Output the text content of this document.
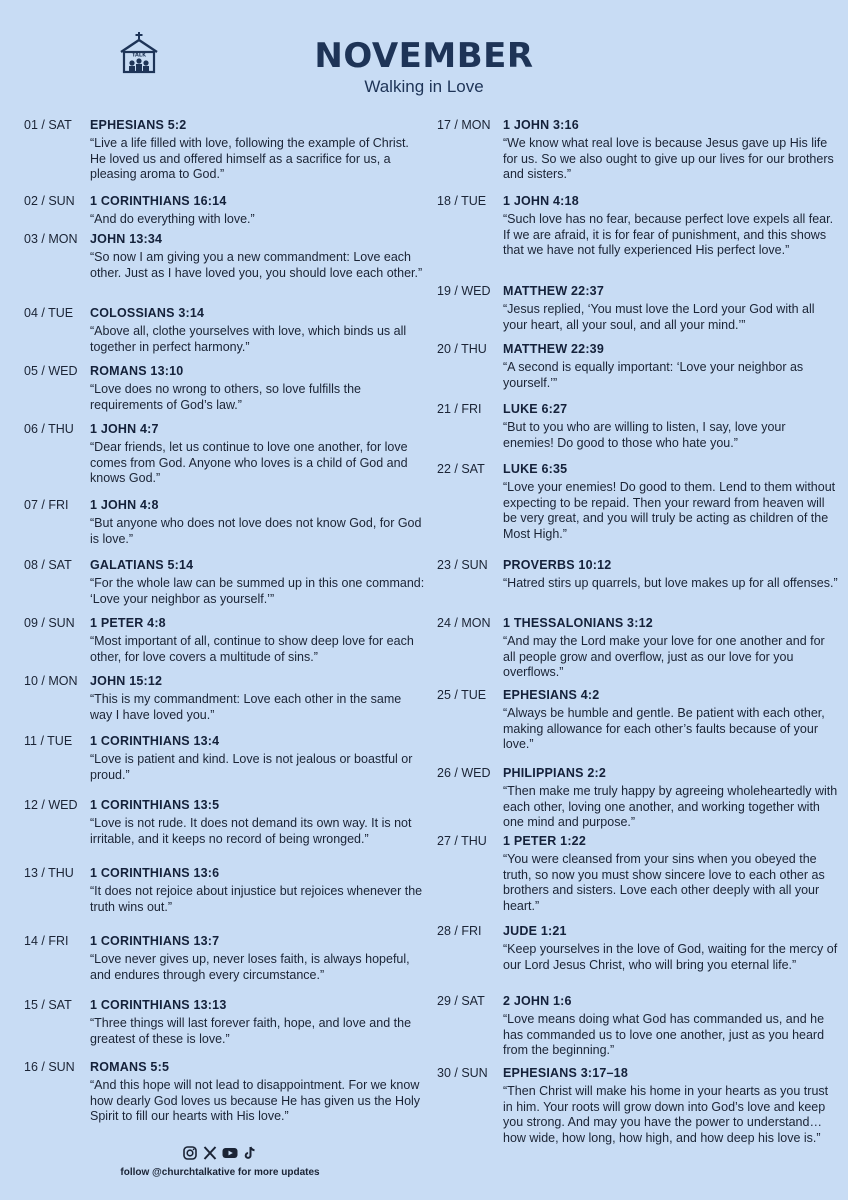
TALK	NOVEMBER
Walking in Love
01 / SAT	EPHESIANS 5:2
“Live a life filled with love, following the example of Christ. He loved us and offered himself as a sacrifice for us, a pleasing aroma to God.”
02 / SUN	1 CORINTHIANS 16:14
“And do everything with love.”
03 / MON	JOHN 13:34
“So now I am giving you a new commandment: Love each other. Just as I have loved you, you should love each other.”
04 / TUE	COLOSSIANS 3:14
“Above all, clothe yourselves with love, which binds us all together in perfect harmony.”
05 / WED	ROMANS 13:10
“Love does no wrong to others, so love fulfills the requirements of God’s law.”
06 / THU	1 JOHN 4:7
“Dear friends, let us continue to love one another, for love comes from God. Anyone who loves is a child of God and knows God.”
07 / FRI	1 JOHN 4:8
“But anyone who does not love does not know God, for God is love.”
08 / SAT	GALATIANS 5:14
“For the whole law can be summed up in this one command: ‘Love your neighbor as yourself.’”
09 / SUN	1 PETER 4:8
“Most important of all, continue to show deep love for each other, for love covers a multitude of sins.”
10 / MON	JOHN 15:12
“This is my commandment: Love each other in the same way I have loved you.”
11 / TUE	1 CORINTHIANS 13:4
“Love is patient and kind. Love is not jealous or boastful or proud.”
12 / WED	1 CORINTHIANS 13:5
“Love is not rude. It does not demand its own way. It is not irritable, and it keeps no record of being wronged.”
13 / THU	1 CORINTHIANS 13:6
“It does not rejoice about injustice but rejoices whenever the truth wins out.”
14 / FRI	1 CORINTHIANS 13:7
“Love never gives up, never loses faith, is always hopeful, and endures through every circumstance.”
15 / SAT	1 CORINTHIANS 13:13
“Three things will last forever faith, hope, and love and the greatest of these is love.”
16 / SUN	ROMANS 5:5
“And this hope will not lead to disappointment. For we know how dearly God loves us because He has given us the Holy Spirit to fill our hearts with His love.”
17 / MON	1 JOHN 3:16
“We know what real love is because Jesus gave up His life for us. So we also ought to give up our lives for our brothers and sisters.”
18 / TUE	1 JOHN 4:18
“Such love has no fear, because perfect love expels all fear. If we are afraid, it is for fear of punishment, and this shows that we have not fully experienced His perfect love.”
19 / WED	MATTHEW 22:37
“Jesus replied, ‘You must love the Lord your God with all your heart, all your soul, and all your mind.’”
20 / THU	MATTHEW 22:39
“A second is equally important: ‘Love your neighbor as yourself.’”
21 / FRI	LUKE 6:27
“But to you who are willing to listen, I say, love your enemies! Do good to those who hate you.”
22 / SAT	LUKE 6:35
“Love your enemies! Do good to them. Lend to them without expecting to be repaid. Then your reward from heaven will be very great, and you will truly be acting as children of the Most High.”
23 / SUN	PROVERBS 10:12
“Hatred stirs up quarrels, but love makes up for all offenses.”
24 / MON	1 THESSALONIANS 3:12
“And may the Lord make your love for one another and for all people grow and overflow, just as our love for you overflows.”
25 / TUE	EPHESIANS 4:2
“Always be humble and gentle. Be patient with each other, making allowance for each other’s faults because of your love.”
26 / WED	PHILIPPIANS 2:2
“Then make me truly happy by agreeing wholeheartedly with each other, loving one another, and working together with one mind and purpose.”
27 / THU	1 PETER 1:22
“You were cleansed from your sins when you obeyed the truth, so now you must show sincere love to each other as brothers and sisters. Love each other deeply with all your heart.”
28 / FRI	JUDE 1:21
“Keep yourselves in the love of God, waiting for the mercy of our Lord Jesus Christ, who will bring you eternal life.”
29 / SAT	2 JOHN 1:6
“Love means doing what God has commanded us, and he has commanded us to love one another, just as you heard from the beginning.”
30 / SUN	EPHESIANS 3:17–18
“Then Christ will make his home in your hearts as you trust in him. Your roots will grow down into God’s love and keep you strong. And may you have the power to understand… how wide, how long, how high, and how deep his love is.”
follow @churchtalkative for more updates
